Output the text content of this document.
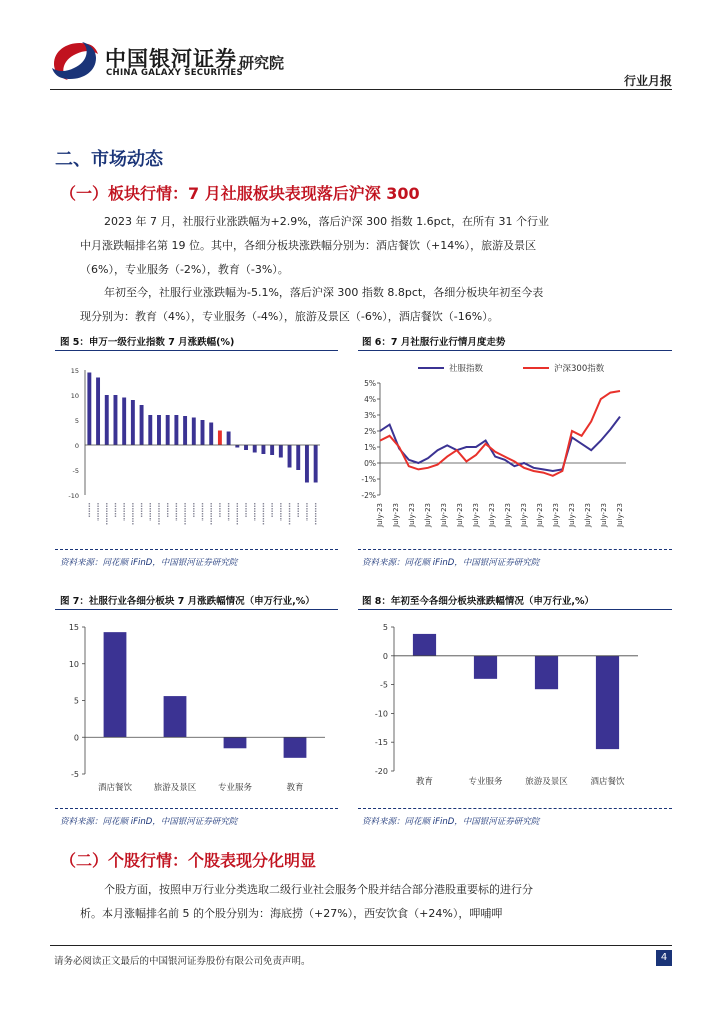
中国银河证券
CHINA GALAXY SECURITIES
研究院
行业月报
二、市场动态
（一）板块行情：7 月社服板块表现落后沪深 300
2023 年 7 月，社服行业涨跌幅为+2.9%，落后沪深 300 指数 1.6pct，在所有 31 个行业中月涨跌幅排名第 19 位。其中，各细分板块涨跌幅分别为：酒店餐饮（+14%），旅游及景区（6%），专业服务（-2%），教育（-3%）。
年初至今，社服行业涨跌幅为-5.1%，落后沪深 300 指数 8.8pct，各细分板块年初至今表现分别为：教育（4%），专业服务（-4%），旅游及景区（-6%），酒店餐饮（-16%）。
图 5：申万一级行业指数 7 月涨跌幅(%)
15
10
5
0
-5
-10
资料来源：同花顺 iFinD，中国银河证券研究院
图 6：7 月社服行业行情月度走势
5%
4%
3%
2%
1%
0%
-1%
-2%
July-23 July-23 July-23 July-23 July-23 July-23 July-23 July-23 July-23 July-23 July-23 July-23 July-23 July-23 July-23 July-23
社服指数	沪深300指数
资料来源：同花顺 iFinD，中国银河证券研究院
图 7：社服行业各细分板块 7 月涨跌幅情况（申万行业,%）
15
10
5
0
-5
酒店餐饮	旅游及景区	专业服务	教育
资料来源：同花顺 iFinD，中国银河证券研究院
图 8：年初至今各细分板块涨跌幅情况（申万行业,%）
5
0
-5
-10
-15
-20
教育	专业服务	旅游及景区	酒店餐饮
资料来源：同花顺 iFinD，中国银河证券研究院
（二）个股行情：个股表现分化明显
个股方面，按照申万行业分类选取二级行业社会服务个股并结合部分港股重要标的进行分析。本月涨幅排名前 5 的个股分别为：海底捞（+27%），西安饮食（+24%），呷哺呷
请务必阅读正文最后的中国银河证券股份有限公司免责声明。	4
